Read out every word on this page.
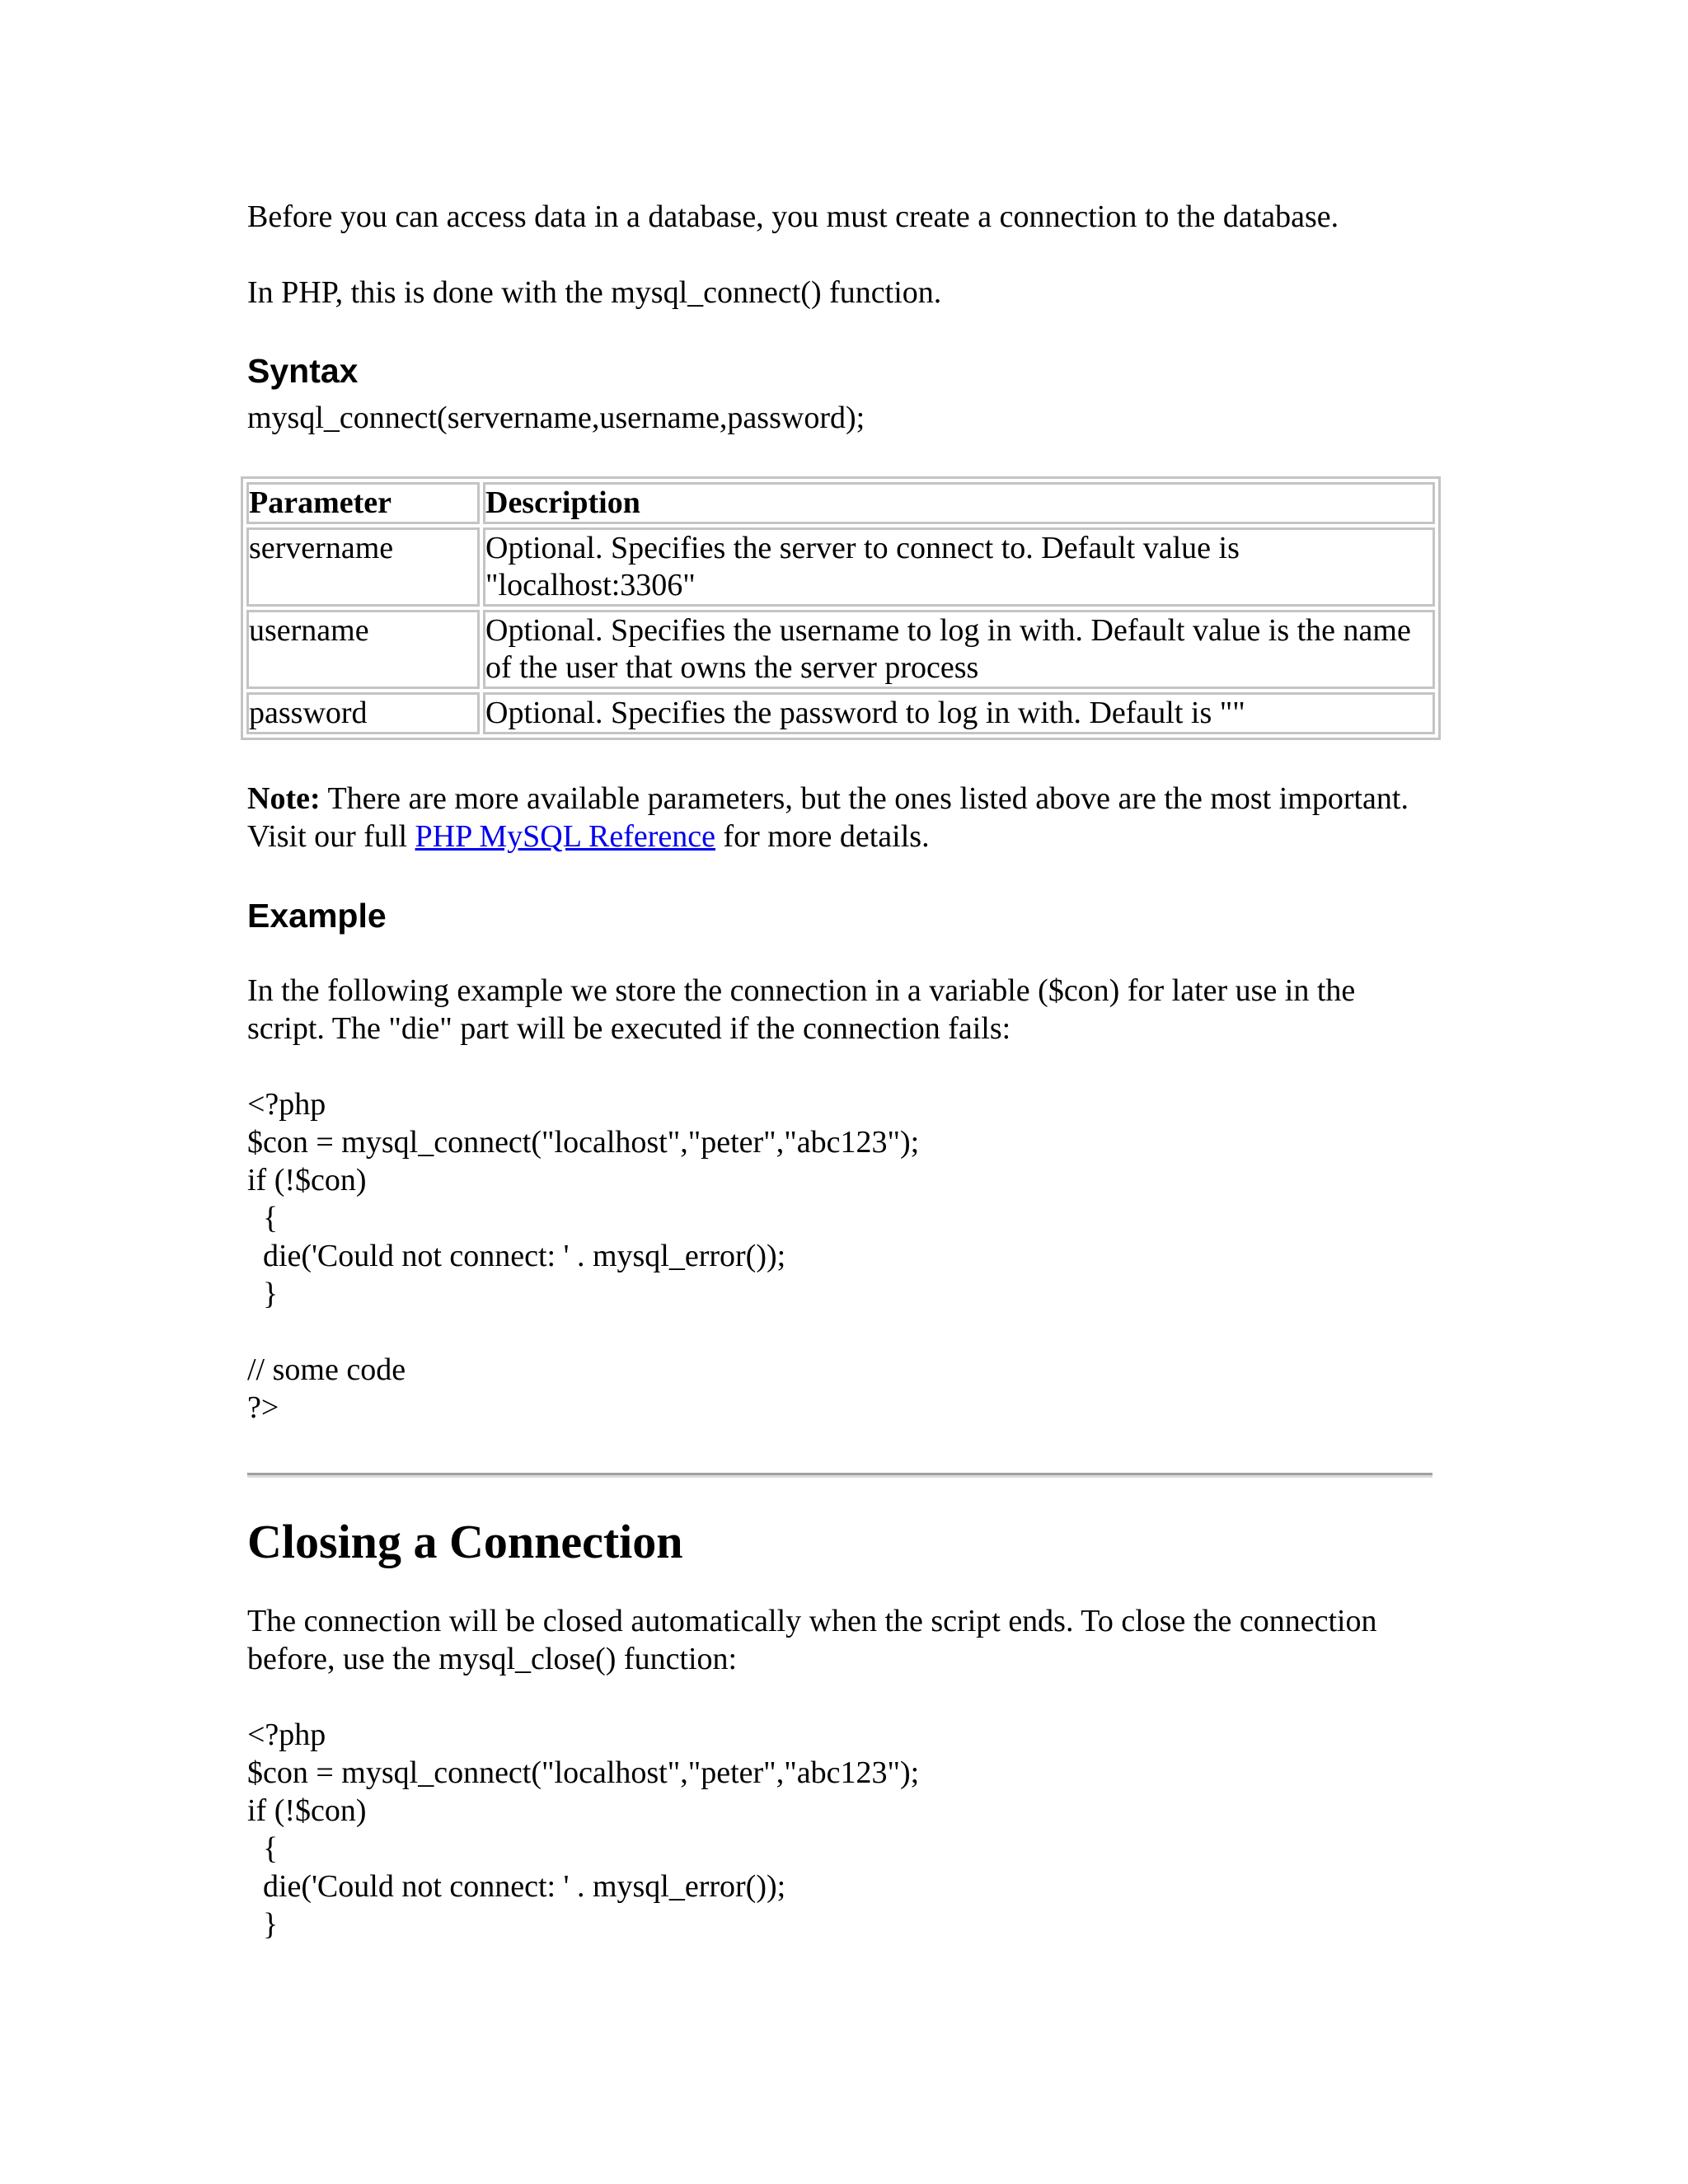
Before you can access data in a database, you must create a connection to the database.

In PHP, this is done with the mysql_connect() function.

Syntax

mysql_connect(servername,username,password);

Parameter	Description
servername	Optional. Specifies the server to connect to. Default value is "localhost:3306"
username	Optional. Specifies the username to log in with. Default value is the name of the user that owns the server process
password	Optional. Specifies the password to log in with. Default is ""

Note: There are more available parameters, but the ones listed above are the most important. Visit our full PHP MySQL Reference for more details.

Example

In the following example we store the connection in a variable ($con) for later use in the script. The "die" part will be executed if the connection fails:

<?php
$con = mysql_connect("localhost","peter","abc123");
if (!$con)
{
die('Could not connect: ' . mysql_error());
}

// some code
?>
Closing a Connection

The connection will be closed automatically when the script ends. To close the connection before, use the mysql_close() function:

<?php
$con = mysql_connect("localhost","peter","abc123");
if (!$con)
{
die('Could not connect: ' . mysql_error());
}
